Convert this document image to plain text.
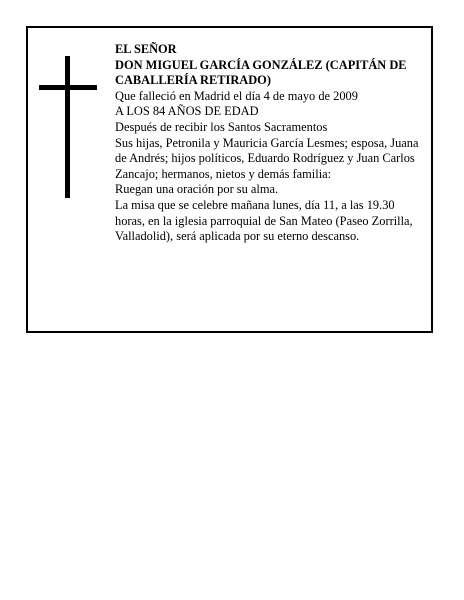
EL SEÑOR

DON MIGUEL GARCÍA GONZÁLEZ (CAPITÁN DE CABALLERÍA RETIRADO)

Que falleció en Madrid el día 4 de mayo de 2009

A LOS 84 AÑOS DE EDAD

Después de recibir los Santos Sacramentos

Sus hijas, Petronila y Mauricia García Lesmes; esposa, Juana de Andrés; hijos políticos, Eduardo Rodríguez y Juan Carlos Zancajo; hermanos, nietos y demás familia:

Ruegan una oración por su alma.

La misa que se celebre mañana lunes, día 11, a las 19.30 horas, en la iglesia parroquial de San Mateo (Paseo Zorrilla, Valladolid), será aplicada por su eterno descanso.
